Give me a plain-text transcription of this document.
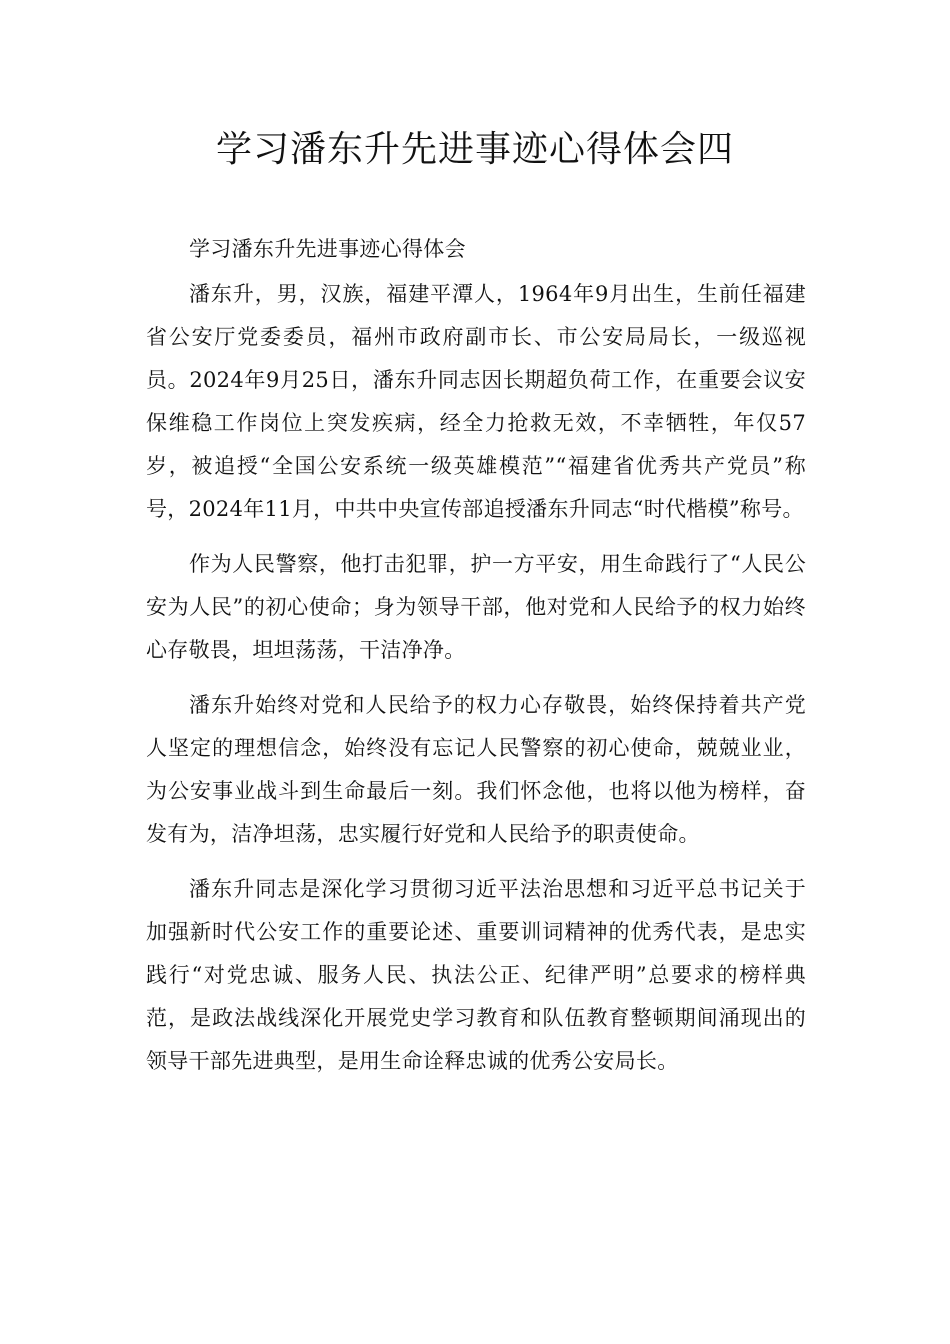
学习潘东升先进事迹心得体会四

学习潘东升先进事迹心得体会

潘东升，男，汉族，福建平潭人，1964年9月出生，生前任福建省公安厅党委委员，福州市政府副市长、市公安局局长，一级巡视员。2024年9月25日，潘东升同志因长期超负荷工作，在重要会议安保维稳工作岗位上突发疾病，经全力抢救无效，不幸牺牲，年仅57岁，被追授“全国公安系统一级英雄模范”“福建省优秀共产党员”称号，2024年11月，中共中央宣传部追授潘东升同志“时代楷模”称号。

作为人民警察，他打击犯罪，护一方平安，用生命践行了“人民公安为人民”的初心使命；身为领导干部，他对党和人民给予的权力始终心存敬畏，坦坦荡荡，干洁净净。

潘东升始终对党和人民给予的权力心存敬畏，始终保持着共产党人坚定的理想信念，始终没有忘记人民警察的初心使命，兢兢业业，为公安事业战斗到生命最后一刻。我们怀念他，也将以他为榜样，奋发有为，洁净坦荡，忠实履行好党和人民给予的职责使命。

潘东升同志是深化学习贯彻习近平法治思想和习近平总书记关于加强新时代公安工作的重要论述、重要训词精神的优秀代表，是忠实践行“对党忠诚、服务人民、执法公正、纪律严明”总要求的榜样典范，是政法战线深化开展党史学习教育和队伍教育整顿期间涌现出的领导干部先进典型，是用生命诠释忠诚的优秀公安局长。
